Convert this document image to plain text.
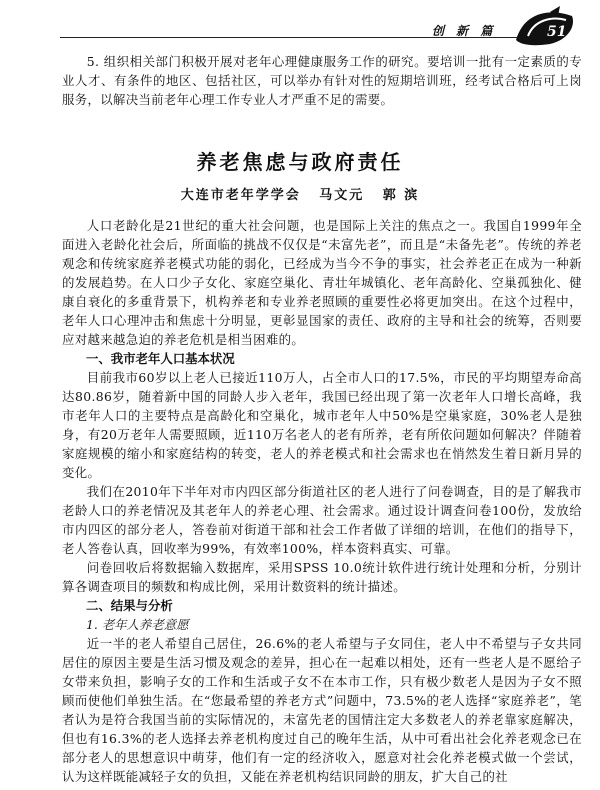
创 新 篇	51

5. 组织相关部门积极开展对老年心理健康服务工作的研究。要培训一批有一定素质的专业人才、有条件的地区、包括社区，可以举办有针对性的短期培训班，经考试合格后可上岗服务，以解决当前老年心理工作专业人才严重不足的需要。

养老焦虑与政府责任
大连市老年学学会 马文元 郭 滨

人口老龄化是21世纪的重大社会问题，也是国际上关注的焦点之一。我国自1999年全面进入老龄化社会后，所面临的挑战不仅仅是“未富先老”，而且是“未备先老”。传统的养老观念和传统家庭养老模式功能的弱化，已经成为当今不争的事实，社会养老正在成为一种新的发展趋势。在人口少子女化、家庭空巢化、青壮年城镇化、老年高龄化、空巢孤独化、健康自衰化的多重背景下，机构养老和专业养老照顾的重要性必将更加突出。在这个过程中，老年人口心理冲击和焦虑十分明显，更彰显国家的责任、政府的主导和社会的统筹，否则要应对越来越急迫的养老危机是相当困难的。

一、我市老年人口基本状况

目前我市60岁以上老人已接近110万人，占全市人口的17.5%，市民的平均期望寿命高达80.86岁，随着新中国的同龄人步入老年，我国已经出现了第一次老年人口增长高峰，我市老年人口的主要特点是高龄化和空巢化，城市老年人中50%是空巢家庭，30%老人是独身，有20万老年人需要照顾，近110万名老人的老有所养，老有所依问题如何解决？伴随着家庭规模的缩小和家庭结构的转变，老人的养老模式和社会需求也在悄然发生着日新月异的变化。

我们在2010年下半年对市内四区部分街道社区的老人进行了问卷调查，目的是了解我市老龄人口的养老情况及其老年人的养老心理、社会需求。通过设计调查问卷100份，发放给市内四区的部分老人，答卷前对街道干部和社会工作者做了详细的培训，在他们的指导下，老人答卷认真，回收率为99%，有效率100%，样本资料真实、可靠。

问卷回收后将数据输入数据库，采用SPSS 10.0统计软件进行统计处理和分析，分别计算各调查项目的频数和构成比例，采用计数资料的统计描述。

二、结果与分析

1. 老年人养老意愿

近一半的老人希望自己居住，26.6%的老人希望与子女同住，老人中不希望与子女共同居住的原因主要是生活习惯及观念的差异，担心在一起难以相处，还有一些老人是不愿给子女带来负担，影响子女的工作和生活或子女不在本市工作，只有极少数老人是因为子女不照顾而使他们单独生活。在“您最希望的养老方式”问题中，73.5%的老人选择“家庭养老”，笔者认为是符合我国当前的实际情况的，未富先老的国情注定大多数老人的养老靠家庭解决，但也有16.3%的老人选择去养老机构度过自己的晚年生活，从中可看出社会化养老观念已在部分老人的思想意识中萌芽，他们有一定的经济收入，愿意对社会化养老模式做一个尝试，认为这样既能减轻子女的负担，又能在养老机构结识同龄的朋友，扩大自己的社
